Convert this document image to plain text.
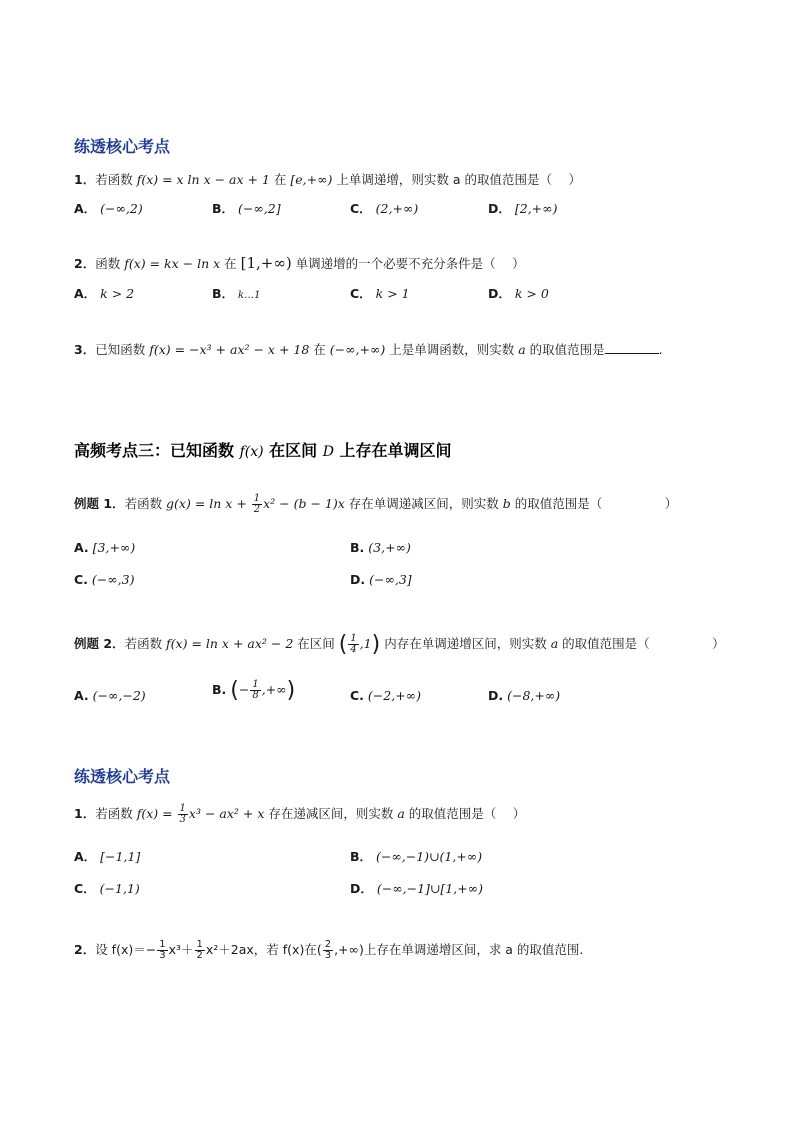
练透核心考点
1．若函数 f(x) = x ln x − ax + 1 在 [e,+∞) 上单调递增，则实数 a 的取值范围是（　 ）
A． (−∞,2)	B． (−∞,2]	C． (2,+∞)	D． [2,+∞)
2．函数 f(x) = kx − ln x 在 [1,+∞) 单调递增的一个必要不充分条件是（　 ）
A． k > 2	B． k…1	C． k > 1	D． k > 0
3．已知函数 f(x) = −x³ + ax² − x + 18 在 (−∞,+∞) 上是单调函数，则实数 a 的取值范围是	.
高频考点三：已知函数 f(x) 在区间 D 上存在单调区间
例题 1．若函数 $g(x) = \ln x + \frac{1}{2} x^2 - (b - 1)x$ 存在单调递减区间，则实数 b 的取值范围是（　　　　　）
A. [3,+∞)	B. (3,+∞)
C. (−∞,3)	D. (−∞,3]
例题 2．若函数 f(x) = ln x + ax² − 2 在区间 ( $\frac{1}{4} ,1$) 内存在单调递增区间，则实数 a 的取值范围是（　　　　　）
A. (−∞,−2)	B. (− $\frac{1}{8}$ ,+∞)	C. (−2,+∞)	D. (−8,+∞)
练透核心考点
1．若函数 $f(x) = \frac{1}{3} x^3 - ax^2 + x$ 存在递减区间，则实数 a 的取值范围是（　 ）
A． [−1,1]	B． (−∞,−1)∪(1,+∞)
C． (−1,1)	D． (−∞,−1]∪[1,+∞)
2．设 $f(x)=- \frac{1}{3} x^3+ \frac{1}{2} x^2+2ax$，若 f(x)在( $\frac{2}{3}$ ,+∞)上存在单调递增区间，求 a 的取值范围.
